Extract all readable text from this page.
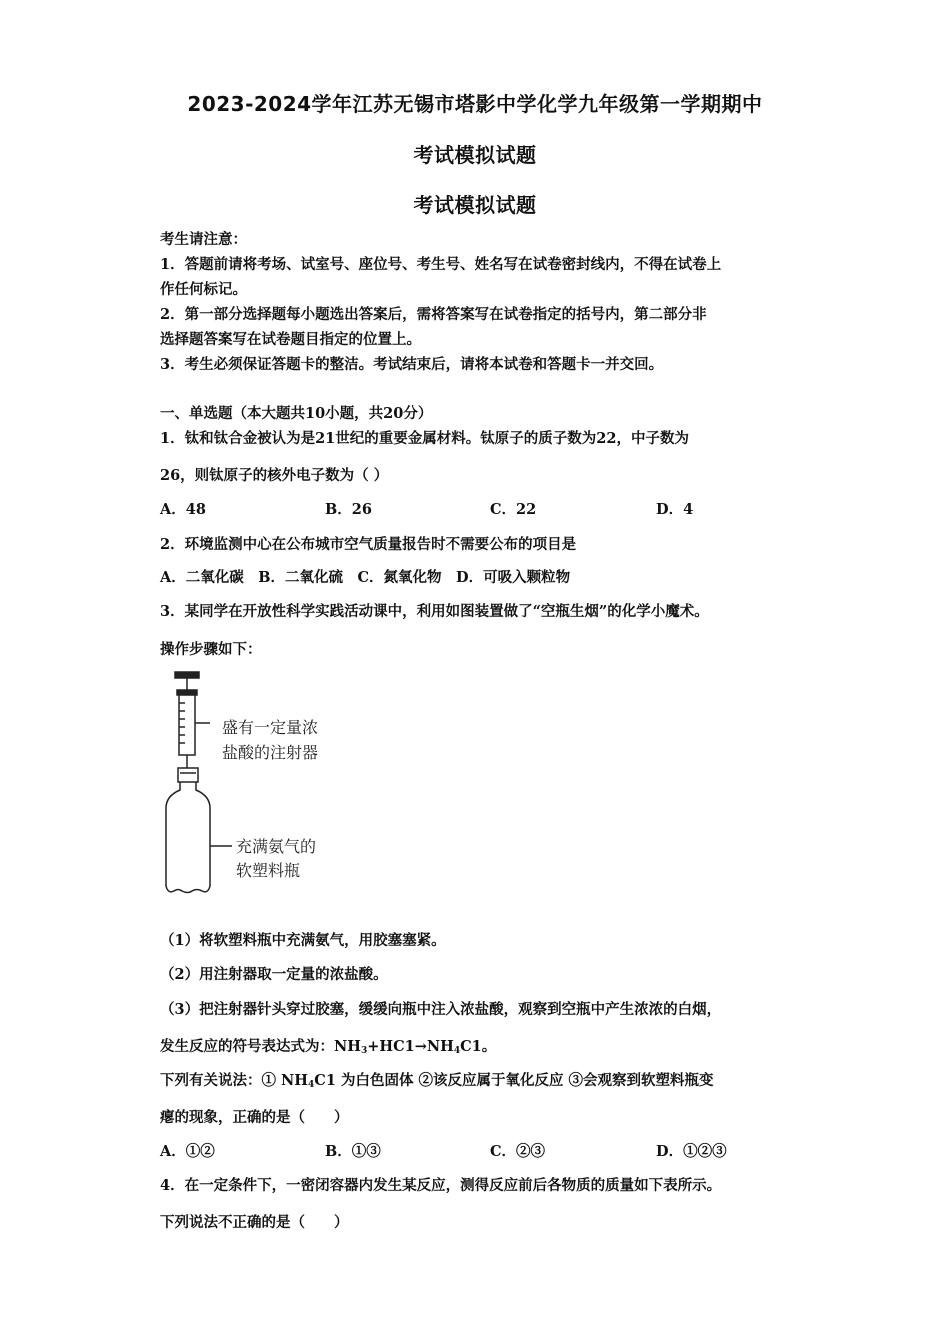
2023-2024学年江苏无锡市塔影中学化学九年级第一学期期中
考试模拟试题
考试模拟试题
考生请注意：
1．答题前请将考场、试室号、座位号、考生号、姓名写在试卷密封线内，不得在试卷上
作任何标记。
2．第一部分选择题每小题选出答案后，需将答案写在试卷指定的括号内，第二部分非
选择题答案写在试卷题目指定的位置上。
3．考生必须保证答题卡的整洁。考试结束后，请将本试卷和答题卡一并交回。
一、单选题（本大题共10小题，共20分）
1．钛和钛合金被认为是21世纪的重要金属材料。钛原子的质子数为22，中子数为
26，则钛原子的核外电子数为（ ）
A．48	B．26	C．22	D．4
2．环境监测中心在公布城市空气质量报告时不需要公布的项目是
A．二氧化碳　B．二氧化硫　C．氮氧化物　D．可吸入颗粒物
3．某同学在开放性科学实践活动课中，利用如图装置做了“空瓶生烟”的化学小魔术。
操作步骤如下：
盛有一定量浓
盐酸的注射器
充满氨气的
软塑料瓶
（1）将软塑料瓶中充满氨气，用胶塞塞紧。
（2）用注射器取一定量的浓盐酸。
（3）把注射器针头穿过胶塞，缓缓向瓶中注入浓盐酸，观察到空瓶中产生浓浓的白烟，
发生反应的符号表达式为：$NH_3+HC1\to NH_4C1$。
下列有关说法：① $NH_4C1$ 为白色固体 ②该反应属于氧化反应 ③会观察到软塑料瓶变
瘪的现象，正确的是（　　）
A．①②	B．①③	C．②③	D．①②③
4．在一定条件下，一密闭容器内发生某反应，测得反应前后各物质的质量如下表所示。
下列说法不正确的是（　　）
